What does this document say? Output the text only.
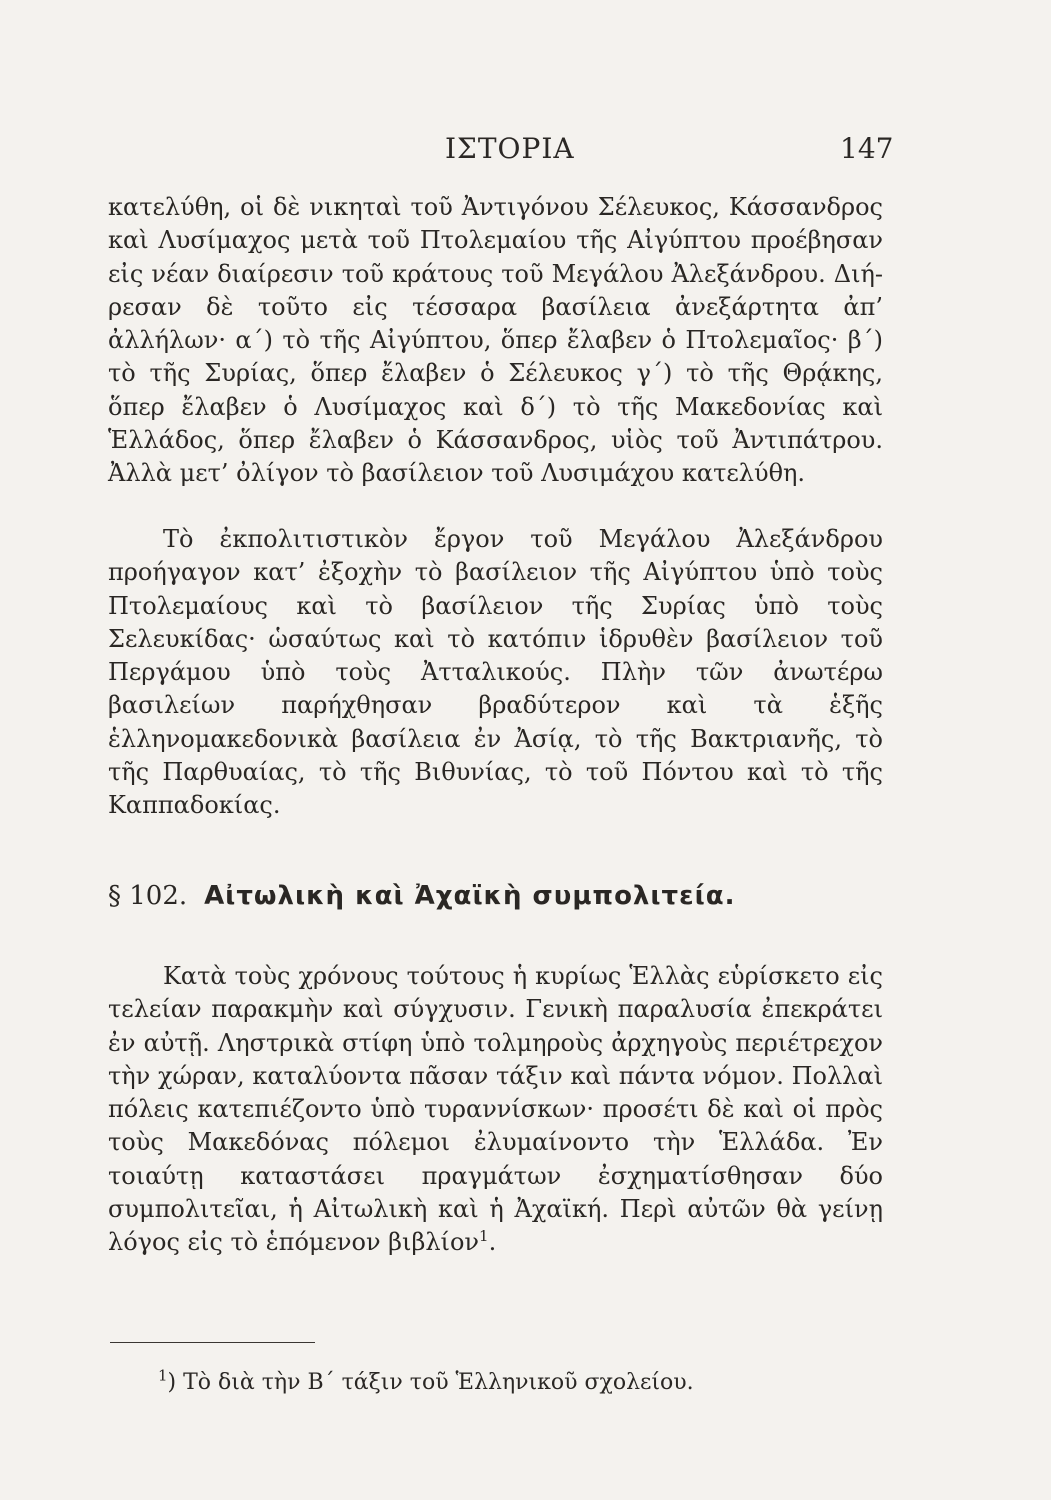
ΙΣΤΟΡΙΑ	147

κατελύθη, οἱ δὲ νικηταὶ τοῦ Ἀντιγόνου Σέλευκος, Κάσσανδρος καὶ Λυσίμαχος μετὰ τοῦ Πτολεμαίου τῆς Αἰγύπτου προέβησαν εἰς νέαν διαίρεσιν τοῦ κράτους τοῦ Μεγάλου Ἀλεξάνδρου. Διήρεσαν δὲ τοῦτο εἰς τέσσαρα βασίλεια ἀνεξάρτητα ἀπ’ ἀλλήλων· α΄) τὸ τῆς Αἰγύπτου, ὅπερ ἔλαβεν ὁ Πτολεμαῖος· β΄) τὸ τῆς Συρίας, ὅπερ ἔλαβεν ὁ Σέλευκος γ΄) τὸ τῆς Θρᾴκης, ὅπερ ἔλαβεν ὁ Λυσίμαχος καὶ δ΄) τὸ τῆς Μακεδονίας καὶ Ἑλλάδος, ὅπερ ἔλαβεν ὁ Κάσσανδρος, υἱὸς τοῦ Ἀντιπάτρου. Ἀλλὰ μετ’ ὀλίγον τὸ βασίλειον τοῦ Λυσιμάχου κατελύθη.

Τὸ ἐκπολιτιστικὸν ἔργον τοῦ Μεγάλου Ἀλεξάνδρου προήγαγον κατ’ ἐξοχὴν τὸ βασίλειον τῆς Αἰγύπτου ὑπὸ τοὺς Πτολεμαίους καὶ τὸ βασίλειον τῆς Συρίας ὑπὸ τοὺς Σελευκίδας· ὡσαύτως καὶ τὸ κατόπιν ἱδρυθὲν βασίλειον τοῦ Περγάμου ὑπὸ τοὺς Ἀτταλικούς. Πλὴν τῶν ἀνωτέρω βασιλείων παρήχθησαν βραδύτερον καὶ τὰ ἑξῆς ἑλληνομακεδονικὰ βασίλεια ἐν Ἀσίᾳ, τὸ τῆς Βακτριανῆς, τὸ τῆς Παρθυαίας, τὸ τῆς Βιθυνίας, τὸ τοῦ Πόντου καὶ τὸ τῆς Καππαδοκίας.

§ 102. Αἰτωλικὴ καὶ Ἀχαϊκὴ συμπολιτεία.

Κατὰ τοὺς χρόνους τούτους ἡ κυρίως Ἑλλὰς εὑρίσκετο εἰς τελείαν παρακμὴν καὶ σύγχυσιν. Γενικὴ παραλυσία ἐπεκράτει ἐν αὐτῇ. Ληστρικὰ στίφη ὑπὸ τολμηροὺς ἀρχηγοὺς περιέτρεχον τὴν χώραν, καταλύοντα πᾶσαν τάξιν καὶ πάντα νόμον. Πολλαὶ πόλεις κατεπιέζοντο ὑπὸ τυραννίσκων· προσέτι δὲ καὶ οἱ πρὸς τοὺς Μακεδόνας πόλεμοι ἐλυμαίνοντο τὴν Ἑλλάδα. Ἐν τοιαύτῃ καταστάσει πραγμάτων ἐσχηματίσθησαν δύο συμπολιτεῖαι, ἡ Αἰτωλικὴ καὶ ἡ Ἀχαϊκή. Περὶ αὐτῶν θὰ γείνῃ λόγος εἰς τὸ ἑπόμενον βιβλίον$^1$.

$^1$) Τὸ διὰ τὴν Β΄ τάξιν τοῦ Ἑλληνικοῦ σχολείου.
